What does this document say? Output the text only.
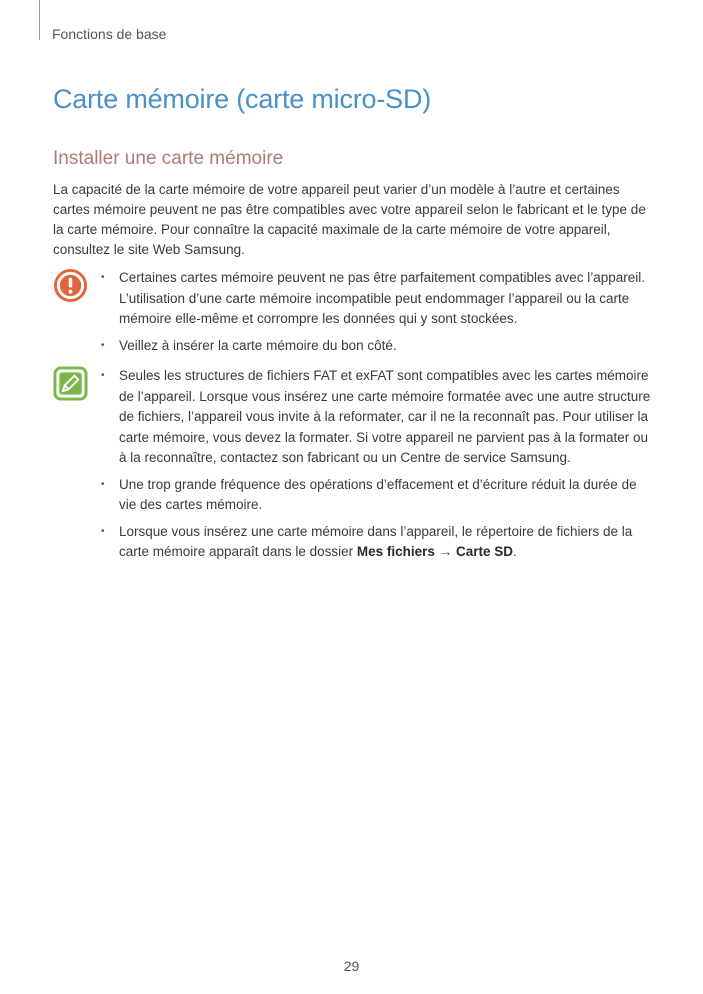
Fonctions de base
Carte mémoire (carte micro-SD)
Installer une carte mémoire

La capacité de la carte mémoire de votre appareil peut varier d’un modèle à l’autre et certaines cartes mémoire peuvent ne pas être compatibles avec votre appareil selon le fabricant et le type de la carte mémoire. Pour connaître la capacité maximale de la carte mémoire de votre appareil, consultez le site Web Samsung.

• Certaines cartes mémoire peuvent ne pas être parfaitement compatibles avec l’appareil. L’utilisation d’une carte mémoire incompatible peut endommager l’appareil ou la carte mémoire elle-même et corrompre les données qui y sont stockées.
• Veillez à insérer la carte mémoire du bon côté.
• Seules les structures de fichiers FAT et exFAT sont compatibles avec les cartes mémoire de l’appareil. Lorsque vous insérez une carte mémoire formatée avec une autre structure de fichiers, l’appareil vous invite à la reformater, car il ne la reconnaît pas. Pour utiliser la carte mémoire, vous devez la formater. Si votre appareil ne parvient pas à la formater ou à la reconnaître, contactez son fabricant ou un Centre de service Samsung.
• Une trop grande fréquence des opérations d’effacement et d’écriture réduit la durée de vie des cartes mémoire.
• Lorsque vous insérez une carte mémoire dans l’appareil, le répertoire de fichiers de la carte mémoire apparaît dans le dossier Mes fichiers → Carte SD.
29
